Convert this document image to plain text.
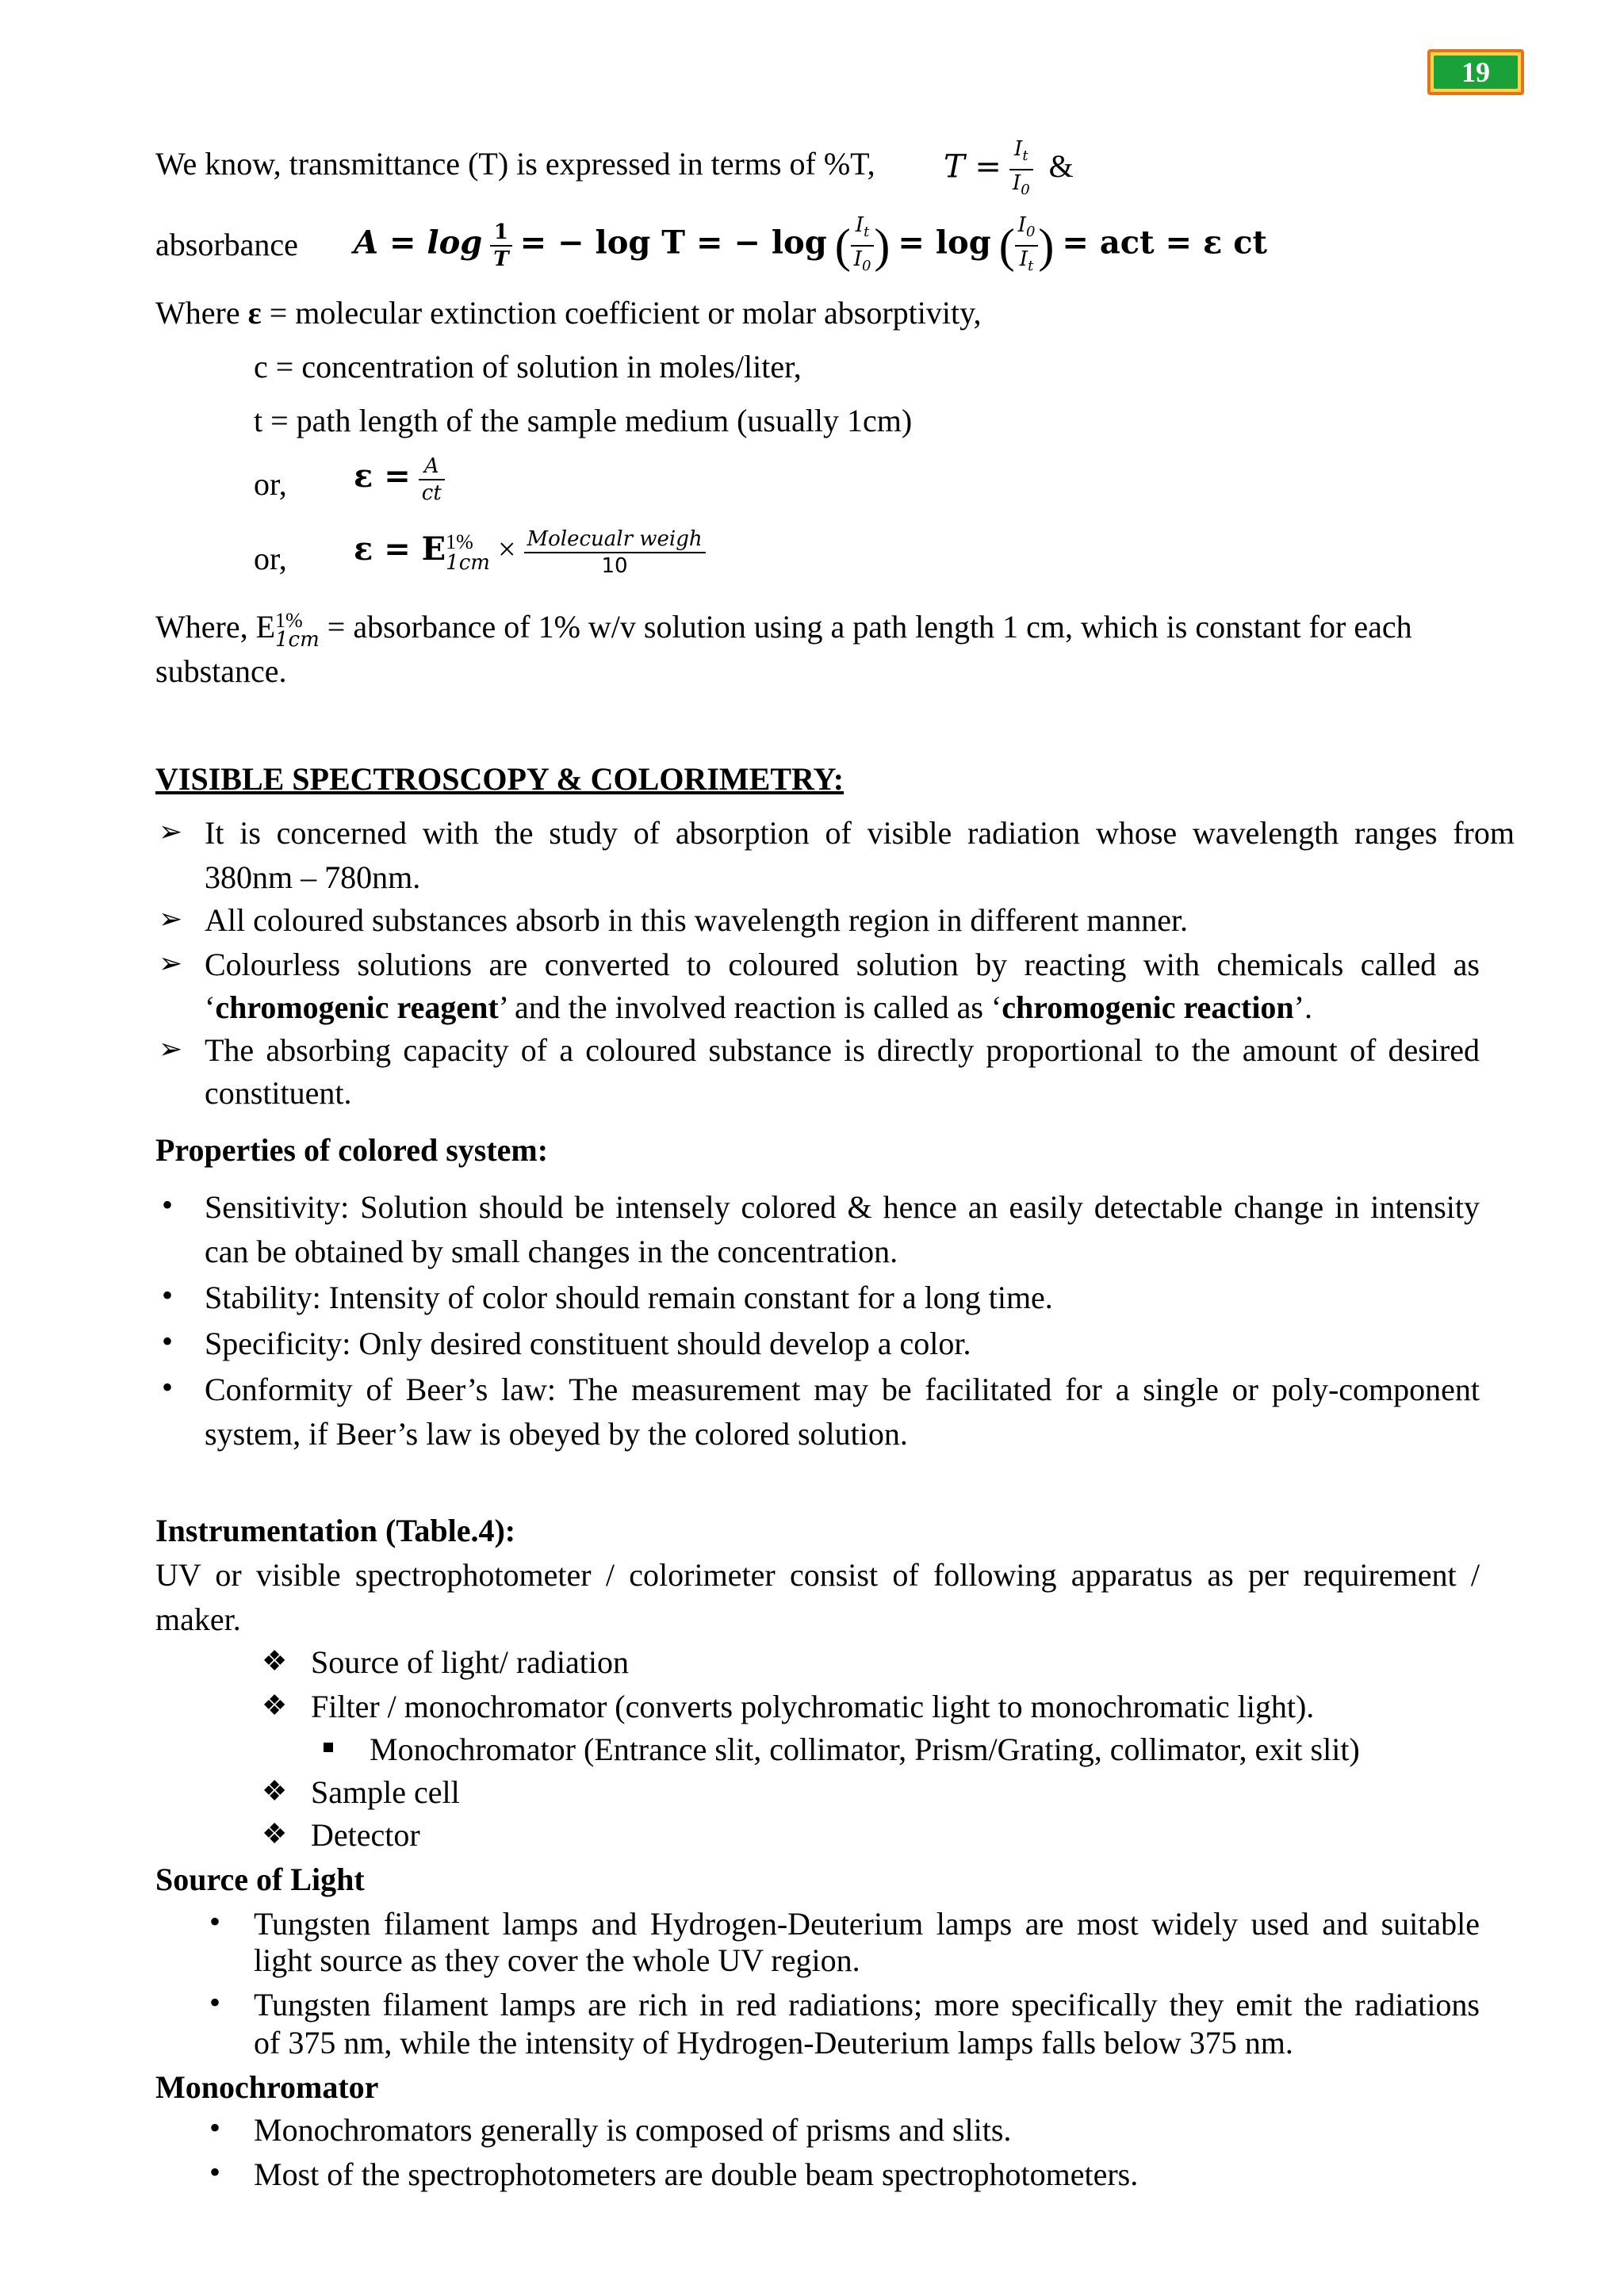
19
We know, transmittance (T) is expressed in terms of %T, $T = \frac{I_t}{I_0}$ &
absorbance $A = \log \frac{1}{T}$ = − log T = − log ( $\frac{I_t}{I_0}$ ) = log ( $\frac{I_0}{I_t}$ ) = act = ε ct
Where ε = molecular extinction coefficient or molar absorptivity,
c = concentration of solution in moles/liter,
t = path length of the sample medium (usually 1cm)
or, $\varepsilon = \frac{A}{ct}$
or, ε = E 1%
$1cm \times \frac{\text{Molecualr weigh}}{10}$
Where, E 1%
1cm = absorbance of 1% w/v solution using a path length 1 cm, which is constant for each
substance.
VISIBLE SPECTROSCOPY & COLORIMETRY:
➢ It is concerned with the study of absorption of visible radiation whose wavelength ranges from
380nm – 780nm.
➢ All coloured substances absorb in this wavelength region in different manner.
➢ Colourless solutions are converted to coloured solution by reacting with chemicals called as
‘chromogenic reagent’ and the involved reaction is called as ‘chromogenic reaction’.
➢ The absorbing capacity of a coloured substance is directly proportional to the amount of desired
constituent.
Properties of colored system:
• Sensitivity: Solution should be intensely colored & hence an easily detectable change in intensity
can be obtained by small changes in the concentration.
• Stability: Intensity of color should remain constant for a long time.
• Specificity: Only desired constituent should develop a color.
• Conformity of Beer’s law: The measurement may be facilitated for a single or poly-component
system, if Beer’s law is obeyed by the colored solution.
Instrumentation (Table.4):
UV or visible spectrophotometer / colorimeter consist of following apparatus as per requirement /
maker.
❖ Source of light/ radiation
❖ Filter / monochromator (converts polychromatic light to monochromatic light).
Monochromator (Entrance slit, collimator, Prism/Grating, collimator, exit slit)
❖ Sample cell
❖ Detector
Source of Light
• Tungsten filament lamps and Hydrogen-Deuterium lamps are most widely used and suitable
light source as they cover the whole UV region.
• Tungsten filament lamps are rich in red radiations; more specifically they emit the radiations
of 375 nm, while the intensity of Hydrogen-Deuterium lamps falls below 375 nm.
Monochromator
• Monochromators generally is composed of prisms and slits.
• Most of the spectrophotometers are double beam spectrophotometers.
